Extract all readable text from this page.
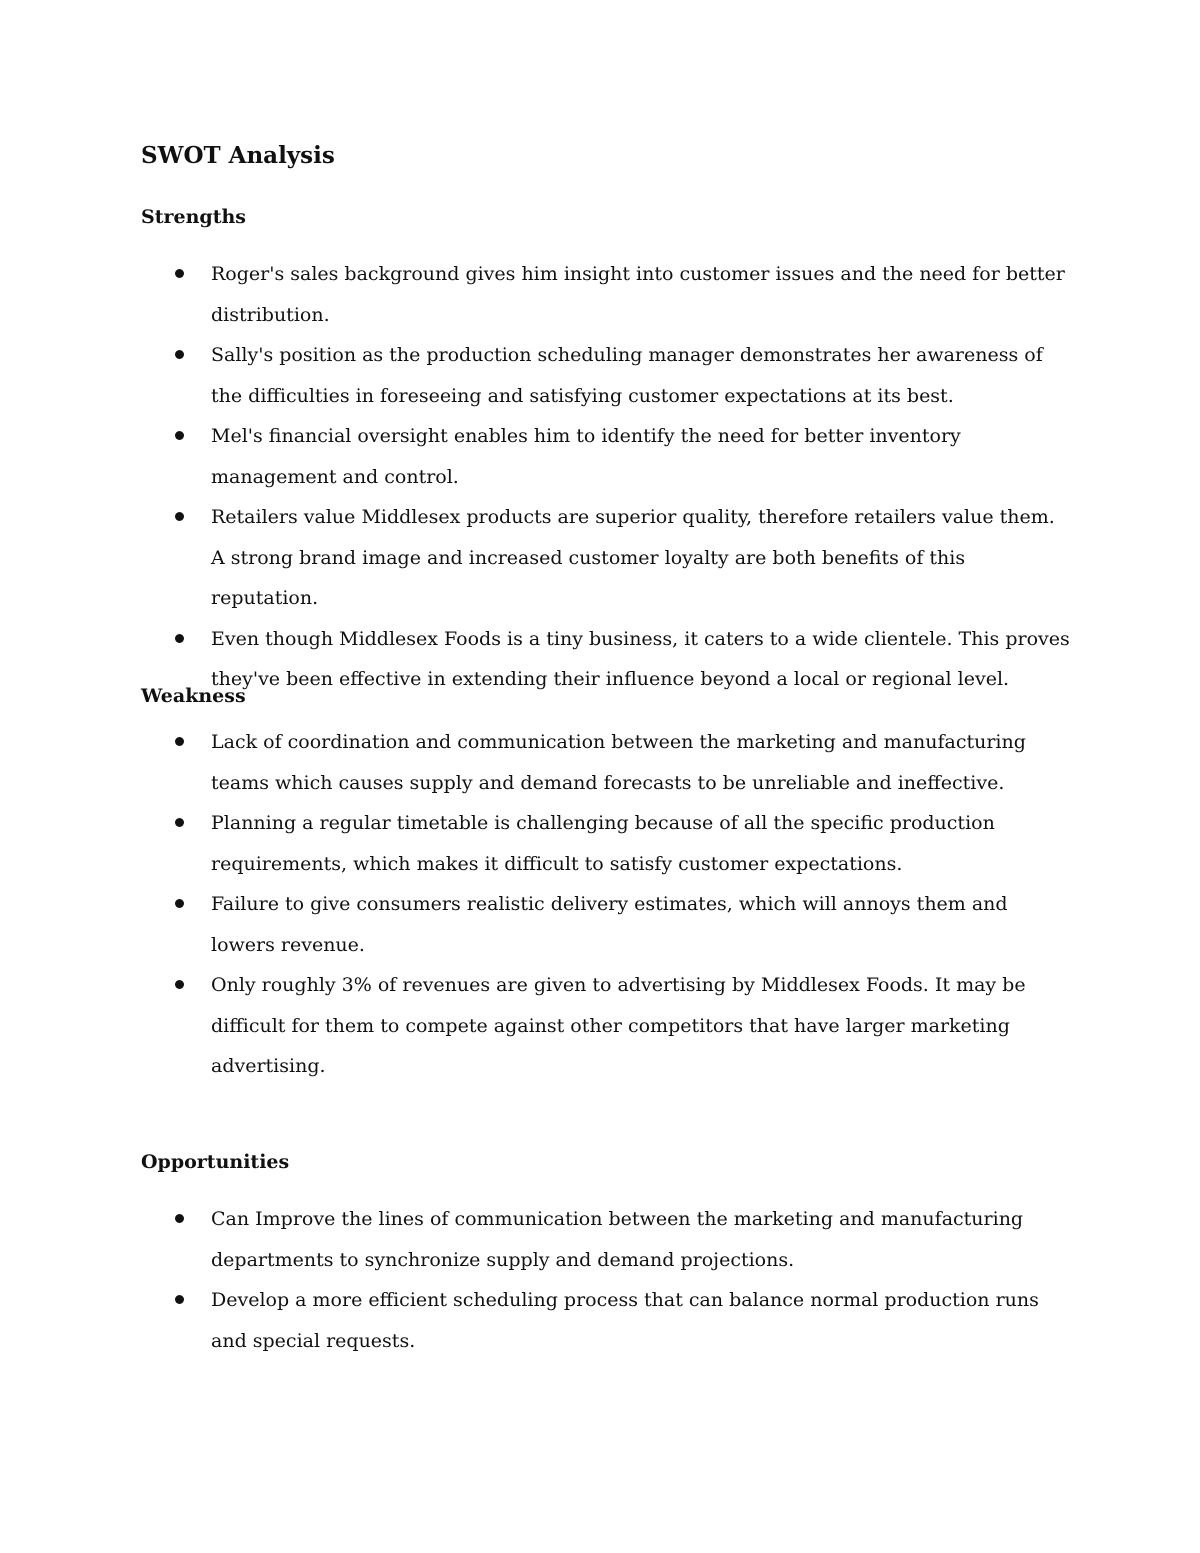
SWOT Analysis
Strengths
Roger's sales background gives him insight into customer issues and the need for better distribution.
Sally's position as the production scheduling manager demonstrates her awareness of the difficulties in foreseeing and satisfying customer expectations at its best.
Mel's financial oversight enables him to identify the need for better inventory management and control.
Retailers value Middlesex products are superior quality, therefore retailers value them. A strong brand image and increased customer loyalty are both benefits of this reputation.
Even though Middlesex Foods is a tiny business, it caters to a wide clientele. This proves they've been effective in extending their influence beyond a local or regional level.
Weakness
Lack of coordination and communication between the marketing and manufacturing teams which causes supply and demand forecasts to be unreliable and ineffective.
Planning a regular timetable is challenging because of all the specific production requirements, which makes it difficult to satisfy customer expectations.
Failure to give consumers realistic delivery estimates, which will annoys them and lowers revenue.
Only roughly 3% of revenues are given to advertising by Middlesex Foods. It may be difficult for them to compete against other competitors that have larger marketing advertising.
Opportunities
Can Improve the lines of communication between the marketing and manufacturing departments to synchronize supply and demand projections.
Develop a more efficient scheduling process that can balance normal production runs and special requests.
